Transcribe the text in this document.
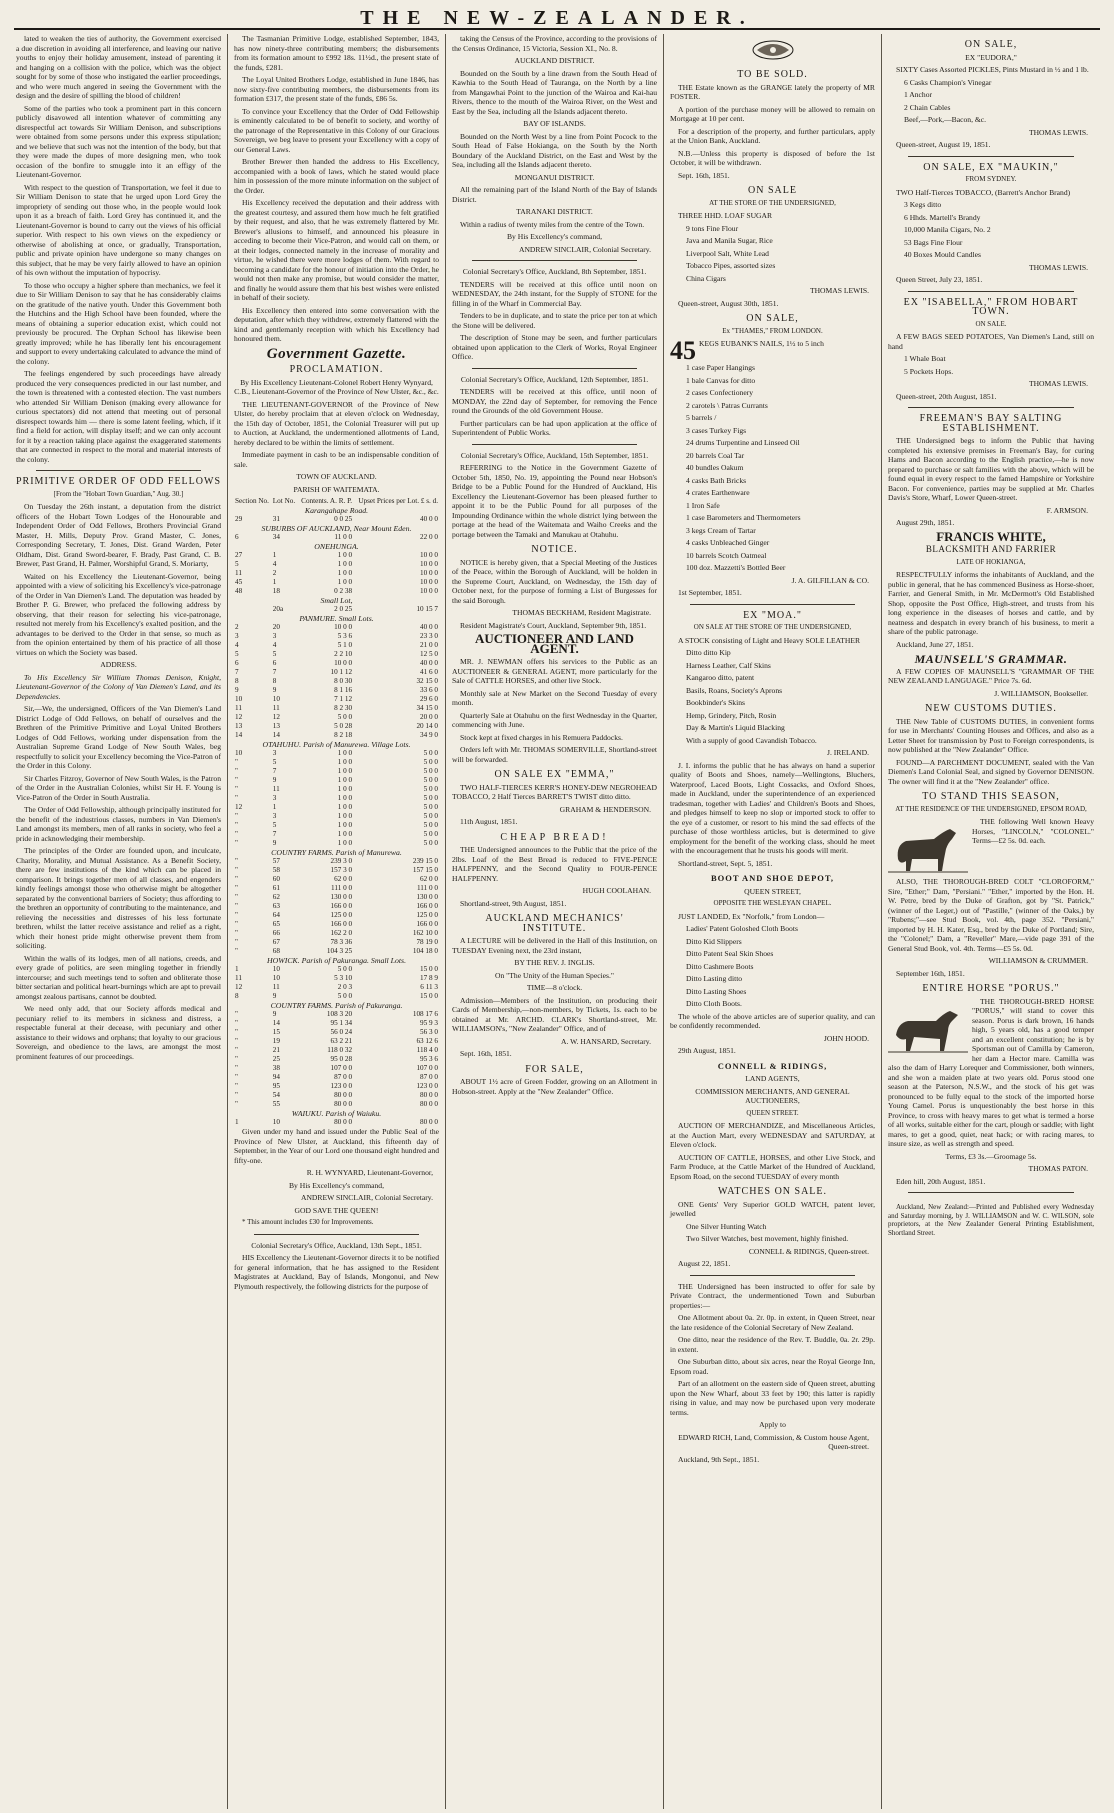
THE NEW-ZEALANDER.

lated to weaken the ties of authority, the Government exercised a due discretion in avoiding all interference, and leaving our native youths to enjoy their holiday amusement, instead of parenting it and hanging on a collision with the police, which was the object sought for by some of those who instigated the earlier proceedings, and who were much angered in seeing the Government with the design and the desire of spilling the blood of children!

Some of the parties who took a prominent part in this concern publicly disavowed all intention whatever of committing any disrespectful act towards Sir William Denison, and subscriptions were obtained from some persons under this express stipulation; and we believe that such was not the intention of the body, but that they were made the dupes of more designing men, who took occasion of the bonfire to smuggle into it an effigy of the Lieutenant-Governor.

With respect to the question of Transportation, we feel it due to Sir William Denison to state that he urged upon Lord Grey the impropriety of sending out those who, in the people would look upon it as a breach of faith. Lord Grey has continued it, and the Lieutenant-Governor is bound to carry out the views of his official superior. With respect to his own views on the expediency or otherwise of abolishing at once, or gradually, Transportation, public and private opinion have undergone so many changes on this subject, that he may be very fairly allowed to have an opinion of his own without the imputation of hypocrisy.

To those who occupy a higher sphere than mechanics, we feel it due to Sir William Denison to say that he has considerably claims on the gratitude of the native youth. Under this Government both the Hutchins and the High School have been founded, where the means of obtaining a superior education exist, which could not previously be procured. The Orphan School has likewise been greatly improved; while he has liberally lent his encouragement and support to every undertaking calculated to advance the mind of the colony.

The feelings engendered by such proceedings have already produced the very consequences predicted in our last number, and the town is threatened with a contested election. The vast numbers who attended Sir William Denison (making every allowance for curious spectators) did not attend that meeting out of personal disrespect towards him — there is some latent feeling, which, if it find a field for action, will display itself; and we can only account for it by a reaction taking place against the exaggerated statements that are connected in respect to the moral and material interests of the colony.

PRIMITIVE ORDER OF ODD FELLOWS

[From the "Hobart Town Guardian," Aug. 30.]

On Tuesday the 26th instant, a deputation from the district officers of the Hobart Town Lodges of the Honourable and Independent Order of Odd Fellows, Brothers Provincial Grand Master, H. Mills, Deputy Prov. Grand Master, C. Jones, Corresponding Secretary, T. Jones, Dist. Grand Warden, Peter Oldham, Dist. Grand Sword-bearer, F. Brady, Past Grand, C. B. Brewer, Past Grand, H. Palmer, Worshipful Grand, S. Moriarty,

Waited on his Excellency the Lieutenant-Governor, being appointed with a view of soliciting his Excellency's vice-patronage of the Order in Van Diemen's Land. The deputation was headed by Brother P. G. Brewer, who prefaced the following address by observing, that their reason for selecting his vice-patronage, resulted not merely from his Excellency's exalted position, and the advantages to be derived to the Order in that sense, so much as from the opinion entertained by them of his practice of all those virtues on which the Society was based.

ADDRESS.

To His Excellency Sir William Thomas Denison, Knight, Lieutenant-Governor of the Colony of Van Diemen's Land, and its Dependencies.

Sir,—We, the undersigned, Officers of the Van Diemen's Land District Lodge of Odd Fellows, on behalf of ourselves and the Brethren of the Primitive Primitive and Loyal United Brothers Lodges of Odd Fellows, working under dispensation from the Australian Supreme Grand Lodge of New South Wales, beg respectfully to solicit your Excellency becoming the Vice-Patron of the Order in this Colony.

Sir Charles Fitzroy, Governor of New South Wales, is the Patron of the Order in the Australian Colonies, whilst Sir H. F. Young is Vice-Patron of the Order in South Australia.

The Order of Odd Fellowship, although principally instituted for the benefit of the industrious classes, numbers in Van Diemen's Land amongst its members, men of all ranks in society, who feel a pride in acknowledging their membership.

The principles of the Order are founded upon, and inculcate, Charity, Morality, and Mutual Assistance. As a Benefit Society, there are few institutions of the kind which can be placed in comparison. It brings together men of all classes, and engenders kindly feelings amongst those who otherwise might be altogether separated by the conventional barriers of Society; thus affording to the brethren an opportunity of contributing to the maintenance, and relieving the necessities and distresses of his less fortunate brethren, whilst the latter receive assistance and relief as a right, which their honest pride might otherwise prevent them from soliciting.

Within the walls of its lodges, men of all nations, creeds, and every grade of politics, are seen mingling together in friendly intercourse; and such meetings tend to soften and obliterate those bitter sectarian and political heart-burnings which are apt to prevail amongst zealous partisans, cannot be doubted.

We need only add, that our Society affords medical and pecuniary relief to its members in sickness and distress, a respectable funeral at their decease, with pecuniary and other assistance to their widows and orphans; that loyalty to our gracious Sovereign, and obedience to the laws, are amongst the most prominent features of our proceedings.

The Tasmanian Primitive Lodge, established September, 1843, has now ninety-three contributing members; the disbursements from its formation amount to £992 18s. 11½d., the present state of the funds, £281.

The Loyal United Brothers Lodge, established in June 1846, has now sixty-five contributing members, the disbursements from its formation £317, the present state of the funds, £86 5s.

To convince your Excellency that the Order of Odd Fellowship is eminently calculated to be of benefit to society, and worthy of the patronage of the Representative in this Colony of our Gracious Sovereign, we beg leave to present your Excellency with a copy of our General Laws.

Brother Brewer then handed the address to His Excellency, accompanied with a book of laws, which he stated would place him in possession of the more minute information on the subject of the Order.

His Excellency received the deputation and their address with the greatest courtesy, and assured them how much he felt gratified by their request, and also, that he was extremely flattered by Mr. Brewer's allusions to himself, and announced his pleasure in acceding to become their Vice-Patron, and would call on them, or at their lodges, connected namely in the increase of morality and virtue, he wished there were more lodges of them. With regard to becoming a candidate for the honour of initiation into the Order, he would not then make any promise, but would consider the matter, and finally he would assure them that his best wishes were enlisted in behalf of their society.

His Excellency then entered into some conversation with the deputation, after which they withdrew, extremely flattered with the kind and gentlemanly reception with which his Excellency had honoured them.

Government Gazette.
PROCLAMATION.

By His Excellency Lieutenant-Colonel Robert Henry Wynyard, C.B., Lieutenant-Governor of the Province of New Ulster, &c., &c.

THE LIEUTENANT-GOVERNOR of the Province of New Ulster, do hereby proclaim that at eleven o'clock on Wednesday, the 15th day of October, 1851, the Colonial Treasurer will put up to Auction, at Auckland, the undermentioned allotments of Land, hereby declared to be within the limits of settlement.

Immediate payment in cash to be an indispensable condition of sale.

TOWN OF AUCKLAND.

PARISH OF WAITEMATA.

Section No.	Lot No.	Contents. A. R. P.	Upset Prices per Lot. £ s. d.
Karangahape Road.			
29	31	0 0 25	40 0 0
SUBURBS OF AUCKLAND, Near Mount Eden.			
6	34	11 0 0	22 0 0
ONEHUNGA.			
27	1	1 0 0	10 0 0
5	4	1 0 0	10 0 0
11	2	1 0 0	10 0 0
45	1	1 0 0	10 0 0
48	18	0 2 38	10 0 0
Small Lot,			
	20a	2 0 25	10 15 7
PANMURE. Small Lots.			
2	20	10 0 0	40 0 0
3	3	5 3 6	23 3 0
4	4	5 1 0	21 0 0
5	5	2 2 10	12 5 0
6	6	10 0 0	40 0 0
7	7	10 1 12	41 6 0
8	8	8 0 30	32 15 0
9	9	8 1 16	33 6 0
10	10	7 1 12	29 6 0
11	11	8 2 30	34 15 0
12	12	5 0 0	20 0 0
13	13	5 0 28	20 14 0
14	14	8 2 18	34 9 0
OTAHUHU. Parish of Manurewa. Village Lots.			
10	3	1 0 0	5 0 0
"	5	1 0 0	5 0 0
"	7	1 0 0	5 0 0
"	9	1 0 0	5 0 0
"	11	1 0 0	5 0 0
"	3	1 0 0	5 0 0
12	1	1 0 0	5 0 0
"	3	1 0 0	5 0 0
"	5	1 0 0	5 0 0
"	7	1 0 0	5 0 0
"	9	1 0 0	5 0 0
COUNTRY FARMS. Parish of Manurewa.			
"	57	239 3 0	239 15 0
"	58	157 3 0	157 15 0
"	60	62 0 0	62 0 0
"	61	111 0 0	111 0 0
"	62	130 0 0	130 0 0
"	63	166 0 0	166 0 0
"	64	125 0 0	125 0 0
"	65	166 0 0	166 0 0
"	66	162 2 0	162 10 0
"	67	78 3 36	78 19 0
"	68	104 3 25	104 18 0
HOWICK. Parish of Pakuranga. Small Lots.			
1	10	5 0 0	15 0 0
11	10	5 3 10	17 8 9
12	11	2 0 3	6 11 3
8	9	5 0 0	15 0 0
COUNTRY FARMS. Parish of Pakuranga.			
"	9	108 3 20	108 17 6
"	14	95 1 34	95 9 3
"	15	56 0 24	56 3 0
"	19	63 2 21	63 12 6
"	21	118 0 32	118 4 0
"	25	95 0 28	95 3 6
"	38	107 0 0	107 0 0
"	94	87 0 0	87 0 0
"	95	123 0 0	123 0 0
"	54	80 0 0	80 0 0
"	55	80 0 0	80 0 0
WAIUKU. Parish of Waiuku.			
1	10	80 0 0	80 0 0

Given under my hand and issued under the Public Seal of the Province of New Ulster, at Auckland, this fifteenth day of September, in the Year of our Lord one thousand eight hundred and fifty-one.

R. H. WYNYARD, Lieutenant-Governor,

By His Excellency's command,

ANDREW SINCLAIR, Colonial Secretary.

GOD SAVE THE QUEEN!

* This amount includes £30 for Improvements.

Colonial Secretary's Office, Auckland, 13th Sept., 1851.

HIS Excellency the Lieutenant-Governor directs it to be notified for general information, that he has assigned to the Resident Magistrates at Auckland, Bay of Islands, Mongonui, and New Plymouth respectively, the following districts for the purpose of

taking the Census of the Province, according to the provisions of the Census Ordinance, 15 Victoria, Session XI., No. 8.

AUCKLAND DISTRICT.

Bounded on the South by a line drawn from the South Head of Kawhia to the South Head of Tauranga, on the North by a line from Mangawhai Point to the junction of the Wairoa and Kai-hau Rivers, thence to the mouth of the Wairoa River, on the West and East by the Sea, including all the Islands adjacent thereto.

BAY OF ISLANDS.

Bounded on the North West by a line from Point Pocock to the South Head of False Hokianga, on the South by the North Boundary of the Auckland District, on the East and West by the Sea, including all the Islands adjacent thereto.

MONGANUI DISTRICT.

All the remaining part of the Island North of the Bay of Islands District.

TARANAKI DISTRICT.

Within a radius of twenty miles from the centre of the Town.

By His Excellency's command,

ANDREW SINCLAIR, Colonial Secretary.

Colonial Secretary's Office, Auckland, 8th September, 1851.

TENDERS will be received at this office until noon on WEDNESDAY, the 24th instant, for the Supply of STONE for the filling in of the Wharf in Commercial Bay.

Tenders to be in duplicate, and to state the price per ton at which the Stone will be delivered.

The description of Stone may be seen, and further particulars obtained upon application to the Clerk of Works, Royal Engineer Office.

Colonial Secretary's Office, Auckland, 12th September, 1851.

TENDERS will be received at this office, until noon of MONDAY, the 22nd day of September, for removing the Fence round the Grounds of the old Government House.

Further particulars can be had upon application at the office of Superintendent of Public Works.

Colonial Secretary's Office, Auckland, 15th September, 1851.

REFERRING to the Notice in the Government Gazette of October 5th, 1850, No. 19, appointing the Pound near Hobson's Bridge to be a Public Pound for the Hundred of Auckland, His Excellency the Lieutenant-Governor has been pleased further to appoint it to be the Public Pound for all purposes of the Impounding Ordinance within the whole district lying between the portage at the head of the Waitemata and Waiho Creeks and the portage between the Tamaki and Manukau at Otahuhu.

NOTICE.

NOTICE is hereby given, that a Special Meeting of the Justices of the Peace, within the Borough of Auckland, will be holden in the Supreme Court, Auckland, on Wednesday, the 15th day of October next, for the purpose of forming a List of Burgesses for the said Borough.

THOMAS BECKHAM, Resident Magistrate.

Resident Magistrate's Court, Auckland, September 9th, 1851.

AUCTIONEER AND LAND AGENT.

MR. J. NEWMAN offers his services to the Public as an AUCTIONEER & GENERAL AGENT, more particularly for the Sale of CATTLE HORSES, and other live Stock.

Monthly sale at New Market on the Second Tuesday of every month.

Quarterly Sale at Otahuhu on the first Wednesday in the Quarter, commencing with June.

Stock kept at fixed charges in his Remuera Paddocks.

Orders left with Mr. THOMAS SOMERVILLE, Shortland-street will be forwarded.

ON SALE EX "EMMA,"

TWO HALF-TIERCES KERR'S HONEY-DEW NEGROHEAD TOBACCO, 2 Half Tierces BARRET'S TWIST ditto ditto.

GRAHAM & HENDERSON.

11th August, 1851.

CHEAP BREAD!

THE Undersigned announces to the Public that the price of the 2lbs. Loaf of the Best Bread is reduced to FIVE-PENCE HALFPENNY, and the Second Quality to FOUR-PENCE HALFPENNY.

HUGH COOLAHAN.

Shortland-street, 9th August, 1851.

AUCKLAND MECHANICS' INSTITUTE.

A LECTURE will be delivered in the Hall of this Institution, on TUESDAY Evening next, the 23rd instant,

BY THE REV. J. INGLIS.

On "The Unity of the Human Species."

TIME—8 o'clock.

Admission—Members of the Institution, on producing their Cards of Membership,—non-members, by Tickets, 1s. each to be obtained at Mr. ARCHD. CLARK's Shortland-street, Mr. WILLIAMSON's, "New Zealander" Office, and of

A. W. HANSARD, Secretary.

Sept. 16th, 1851.

FOR SALE,

ABOUT 1½ acre of Green Fodder, growing on an Allotment in Hobson-street. Apply at the "New Zealander" Office.

TO BE SOLD.

THE Estate known as the GRANGE lately the property of MR FOSTER.

A portion of the purchase money will be allowed to remain on Mortgage at 10 per cent.

For a description of the property, and further particulars, apply at the Union Bank, Auckland.

N.B.—Unless this property is disposed of before the 1st October, it will be withdrawn.

Sept. 16th, 1851.

ON SALE

AT THE STORE OF THE UNDERSIGNED,

THREE HHD. LOAF SUGAR

9 tons Fine Flour

Java and Manila Sugar, Rice

Liverpool Salt, White Lead

Tobacco Pipes, assorted sizes

China Cigars

THOMAS LEWIS.

Queen-street, August 30th, 1851.

ON SALE,

Ex "THAMES," FROM LONDON.

45 KEGS EUBANK'S NAILS, 1½ to 5 inch

1 case Paper Hangings

1 bale Canvas for ditto

2 cases Confectionery

2 carotels \ Patras Currants

5 barrels /

3 cases Turkey Figs

24 drums Turpentine and Linseed Oil

20 barrels Coal Tar

40 bundles Oakum

4 casks Bath Bricks

4 crates Earthenware

1 Iron Safe

1 case Barometers and Thermometers

3 kegs Cream of Tartar

4 casks Unbleached Ginger

10 barrels Scotch Oatmeal

100 doz. Mazzetti's Bottled Beer

J. A. GILFILLAN & CO.

1st September, 1851.

EX "MOA."

ON SALE AT THE STORE OF THE UNDERSIGNED,

A STOCK consisting of Light and Heavy SOLE LEATHER

Ditto ditto Kip

Harness Leather, Calf Skins

Kangaroo ditto, patent

Basils, Roans, Society's Aprons

Bookbinder's Skins

Hemp, Grindery, Pitch, Rosin

Day & Martin's Liquid Blacking

With a supply of good Cavandish Tobacco.

J. IRELAND.

J. I. informs the public that he has always on hand a superior quality of Boots and Shoes, namely—Wellingtons, Bluchers, Waterproof, Laced Boots, Light Cossacks, and Oxford Shoes, made in Auckland, under the superintendence of an experienced tradesman, together with Ladies' and Children's Boots and Shoes, and pledges himself to keep no slop or imported stock to offer to the eye of a customer, or resort to his mind the sad effects of the purchase of those worthless articles, but is determined to give employment for the benefit of the working class, should he meet with the encouragement that he trusts his goods will merit.

Shortland-street, Sept. 5, 1851.

BOOT AND SHOE DEPOT,

QUEEN STREET,

OPPOSITE THE WESLEYAN CHAPEL.

JUST LANDED, Ex "Norfolk," from London—

Ladies' Patent Goloshed Cloth Boots

Ditto Kid Slippers

Ditto Patent Seal Skin Shoes

Ditto Cashmere Boots

Ditto Lasting ditto

Ditto Lasting Shoes

Ditto Cloth Boots.

The whole of the above articles are of superior quality, and can be confidently recommended.

JOHN HOOD.

29th August, 1851.

CONNELL & RIDINGS,

LAND AGENTS,

COMMISSION MERCHANTS, AND GENERAL AUCTIONEERS,

QUEEN STREET.

AUCTION OF MERCHANDIZE, and Miscellaneous Articles, at the Auction Mart, every WEDNESDAY and SATURDAY, at Eleven o'clock.

AUCTION OF CATTLE, HORSES, and other Live Stock, and Farm Produce, at the Cattle Market of the Hundred of Auckland, Epsom Road, on the second TUESDAY of every month

WATCHES ON SALE.

ONE Gents' Very Superior GOLD WATCH, patent lever, jewelled

One Silver Hunting Watch

Two Silver Watches, best movement, highly finished.

CONNELL & RIDINGS, Queen-street.

August 22, 1851.

THE Undersigned has been instructed to offer for sale by Private Contract, the undermentioned Town and Suburban properties:—

One Allotment about 0a. 2r. 0p. in extent, in Queen Street, near the late residence of the Colonial Secretary of New Zealand.

One ditto, near the residence of the Rev. T. Buddle, 0a. 2r. 29p. in extent.

One Suburban ditto, about six acres, near the Royal George Inn, Epsom road.

Part of an allotment on the eastern side of Queen street, abutting upon the New Wharf, about 33 feet by 190; this latter is rapidly rising in value, and may now be purchased upon very moderate terms.

Apply to

EDWARD RICH, Land, Commission, & Custom house Agent, Queen-street.

Auckland, 9th Sept., 1851.

ON SALE,

EX "EUDORA,"

SIXTY Cases Assorted PICKLES, Pints Mustard in ½ and 1 lb.

6 Casks Champion's Vinegar

1 Anchor

2 Chain Cables

Beef,—Pork,—Bacon, &c.

THOMAS LEWIS.

Queen-street, August 19, 1851.

ON SALE, EX "MAUKIN,"

FROM SYDNEY.

TWO Half-Tierces TOBACCO, (Barrett's Anchor Brand)

3 Kegs ditto

6 Hhds. Martell's Brandy

10,000 Manila Cigars, No. 2

53 Bags Fine Flour

40 Boxes Mould Candles

THOMAS LEWIS.

Queen Street, July 23, 1851.

EX "ISABELLA," FROM HOBART TOWN.

ON SALE.

A FEW BAGS SEED POTATOES, Van Diemen's Land, still on hand

1 Whale Boat

5 Pockets Hops.

THOMAS LEWIS.

Queen-street, 20th August, 1851.

FREEMAN'S BAY SALTING ESTABLISHMENT.

THE Undersigned begs to inform the Public that having completed his extensive premises in Freeman's Bay, for curing Hams and Bacon according to the English practice,—he is now prepared to purchase or salt families with the above, which will be found equal in every respect to the famed Hampshire or Yorkshire Bacon. For convenience, parties may be supplied at Mr. Charles Davis's Store, Wharf, Lower Queen-street.

F. ARMSON.

August 29th, 1851.

FRANCIS WHITE,

BLACKSMITH AND FARRIER

LATE OF HOKIANGA,

RESPECTFULLY informs the inhabitants of Auckland, and the public in general, that he has commenced Business as Horse-shoer, Farrier, and General Smith, in Mr. McDermott's Old Established Shop, opposite the Post Office, High-street, and trusts from his long experience in the diseases of horses and cattle, and by neatness and despatch in every branch of his business, to merit a share of the public patronage.

Auckland, June 27, 1851.

MAUNSELL'S GRAMMAR.

A FEW COPIES OF MAUNSELL'S "GRAMMAR OF THE NEW ZEALAND LANGUAGE." Price 7s. 6d.

J. WILLIAMSON, Bookseller.

NEW CUSTOMS DUTIES.

THE New Table of CUSTOMS DUTIES, in convenient forms for use in Merchants' Counting Houses and Offices, and also as a Letter Sheet for transmission by Post to Foreign correspondents, is now published at the "New Zealander" Office.

FOUND—A PARCHMENT DOCUMENT, sealed with the Van Diemen's Land Colonial Seal, and signed by Governor DENISON. The owner will find it at the "New Zealander" office.

TO STAND THIS SEASON,

AT THE RESIDENCE OF THE UNDERSIGNED, EPSOM ROAD,

THE following Well known Heavy Horses, "LINCOLN," "COLONEL." Terms—£2 5s. 0d. each.

ALSO, THE THOROUGH-BRED COLT "CLOROFORM," Sire, "Ether;" Dam, "Persiani." "Ether," imported by the Hon. H. W. Petre, bred by the Duke of Grafton, got by "St. Patrick," (winner of the Leger,) out of "Pastille," (winner of the Oaks,) by "Rubens;"—see Stud Book, vol. 4th, page 352. "Persiani," imported by H. H. Kater, Esq., bred by the Duke of Portland; Sire, the "Colonel;" Dam, a "Reveller" Mare,—vide page 391 of the General Stud Book, vol. 4th. Terms—£5 5s. 0d.

WILLIAMSON & CRUMMER.

September 16th, 1851.

ENTIRE HORSE "PORUS."

THE THOROUGH-BRED HORSE "PORUS," will stand to cover this season. Porus is dark brown, 16 hands high, 5 years old, has a good temper and an excellent constitution; he is by Sportsman out of Camilla by Cameron, her dam a Hector mare. Camilla was also the dam of Harry Lorequer and Commissioner, both winners, and she won a maiden plate at two years old. Porus stood one season at the Paterson, N.S.W., and the stock of his get was pronounced to be fully equal to the stock of the imported horse Young Camel. Porus is unquestionably the best horse in this Province, to cross with heavy mares to get what is termed a horse of all works, suitable either for the cart, plough or saddle; with light mares, to get a good, quiet, neat hack; or with racing mares, to insure size, as well as strength and speed.

Terms, £3 3s.—Groomage 5s.

THOMAS PATON.

Eden hill, 20th August, 1851.

Auckland, New Zealand:—Printed and Published every Wednesday and Saturday morning, by J. WILLIAMSON and W. C. WILSON, sole proprietors, at the New Zealander General Printing Establishment, Shortland Street.
